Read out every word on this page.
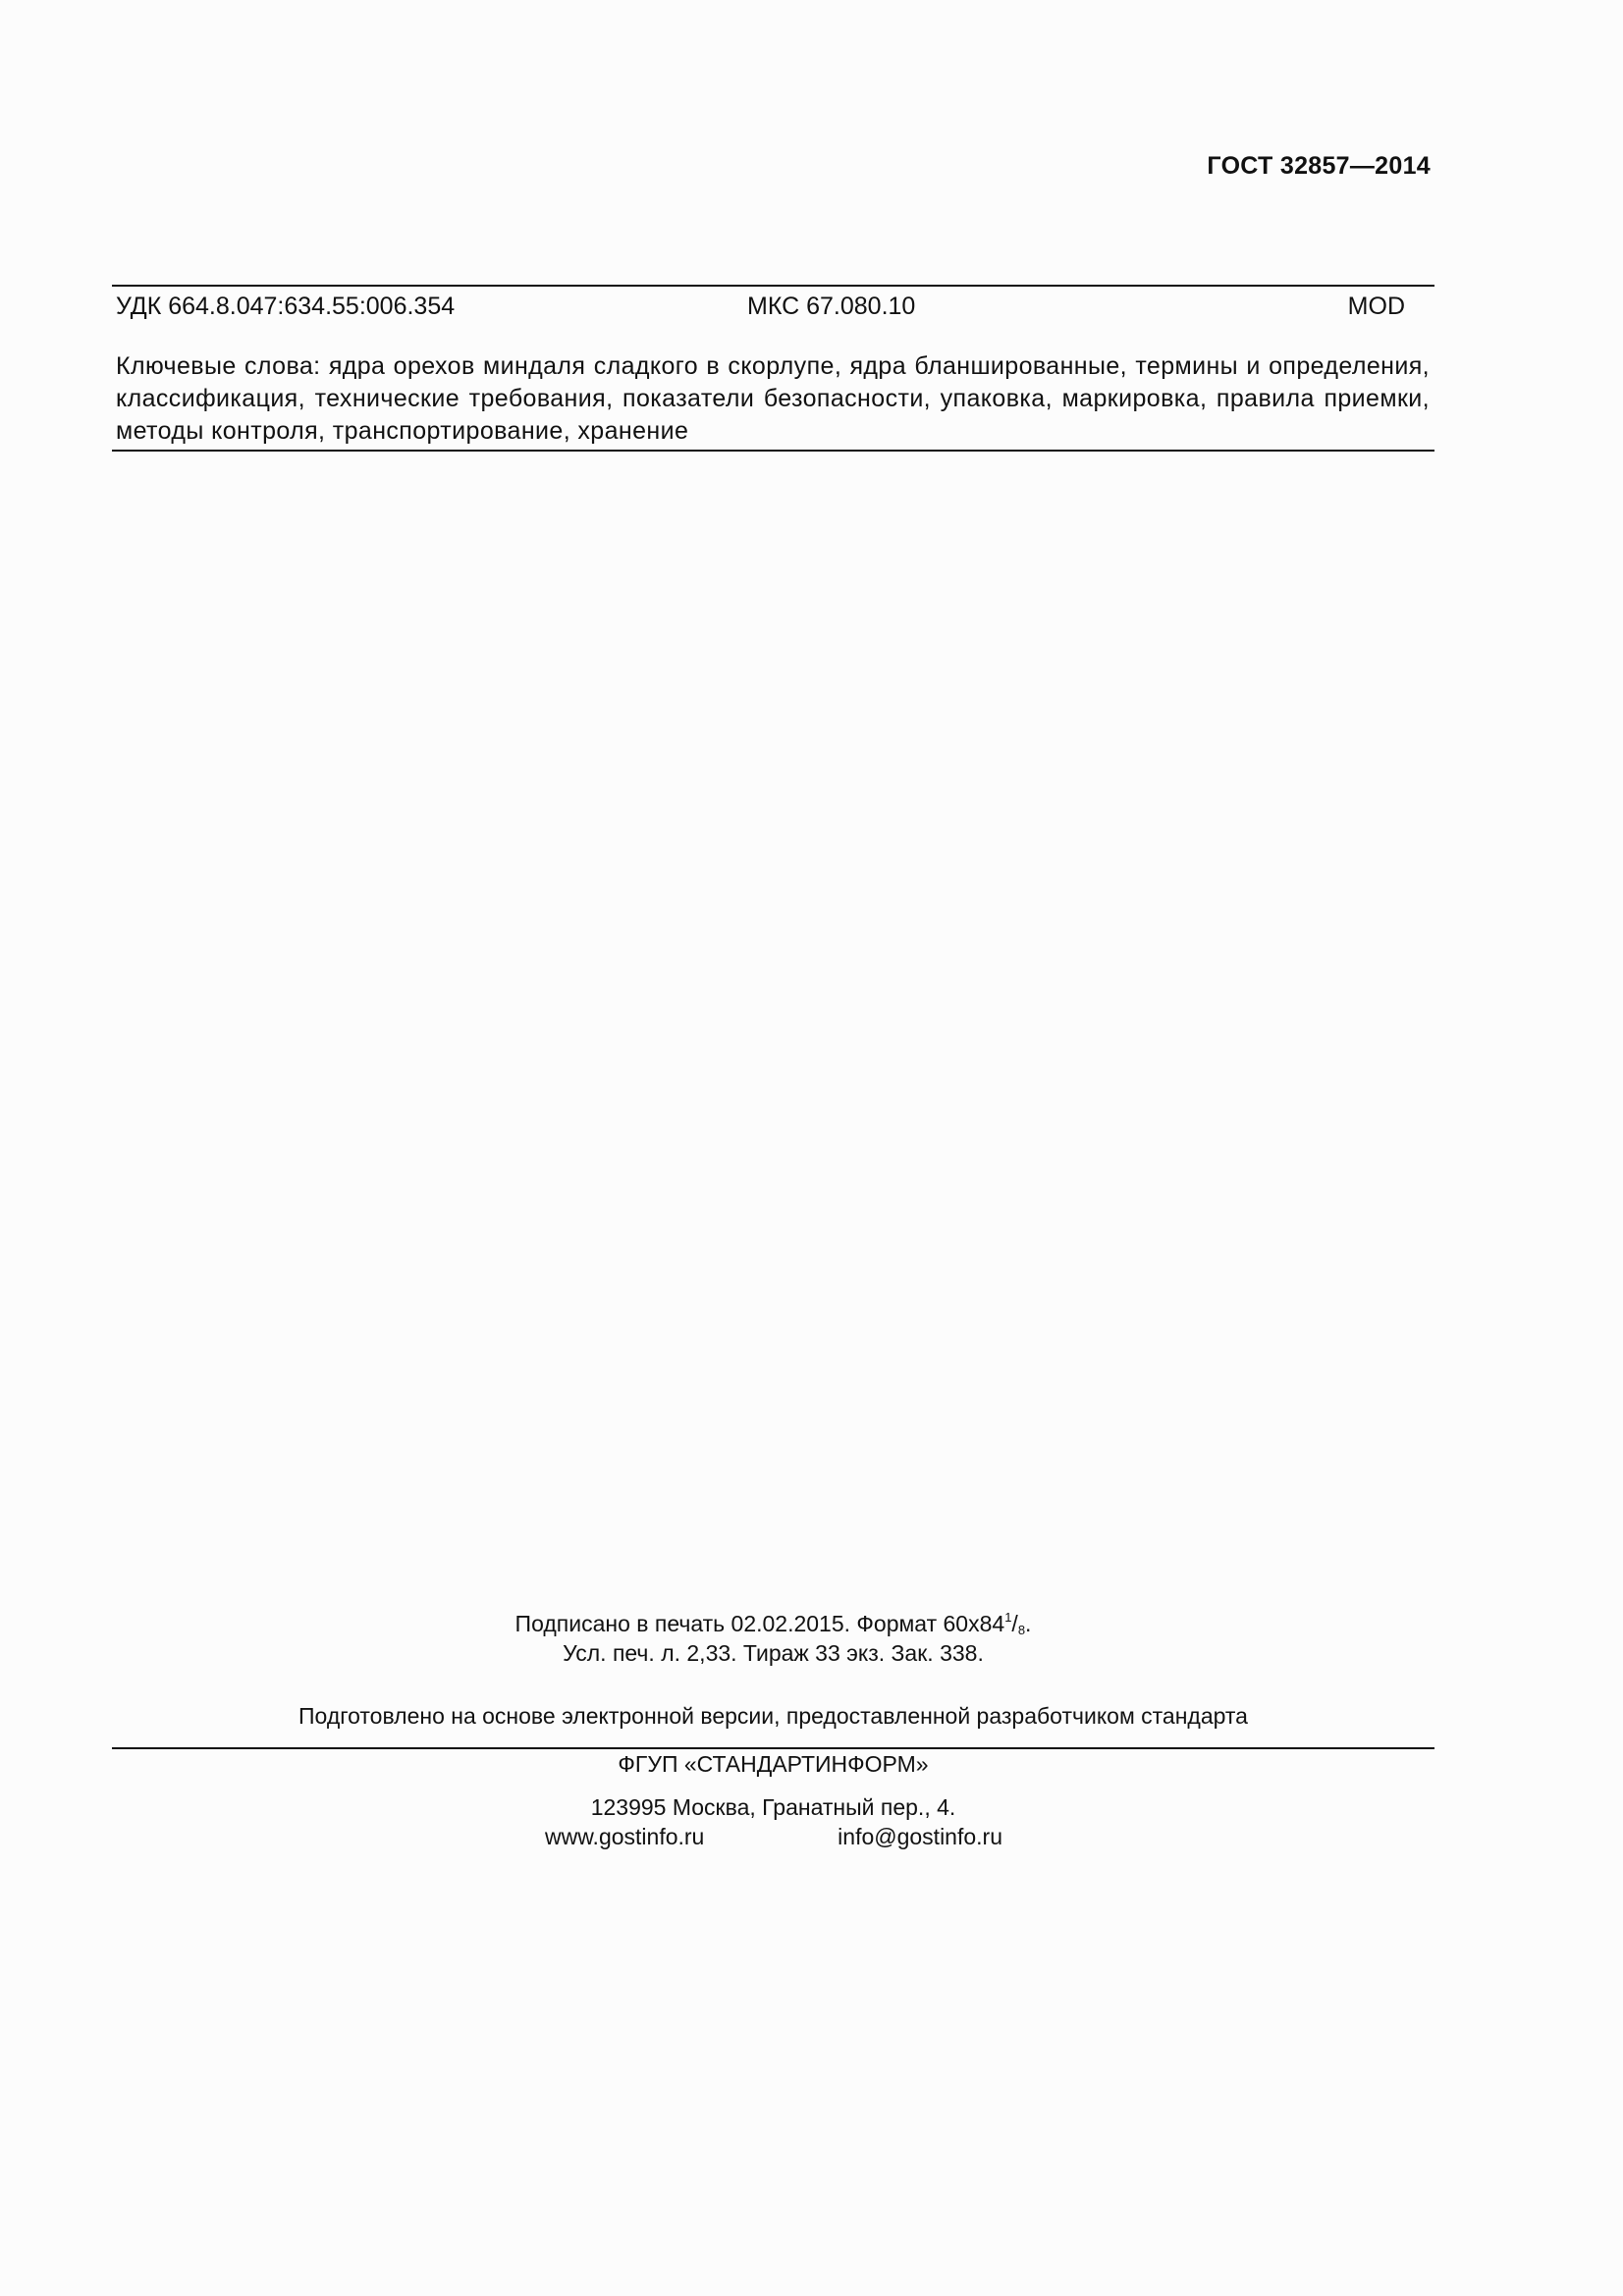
ГОСТ 32857—2014
УДК 664.8.047:634.55:006.354	МКС 67.080.10	MOD
Ключевые слова: ядра орехов миндаля сладкого в скорлупе, ядра бланшированные, термины и определения, классификация, технические требования, показатели безопасности, упаковка, маркировка, правила приемки, методы контроля, транспортирование, хранение
Подписано в печать 02.02.2015. Формат $60х84^1/_8$.
Усл. печ. л. 2,33. Тираж 33 экз. Зак. 338.
Подготовлено на основе электронной версии, предоставленной разработчиком стандарта
ФГУП «СТАНДАРТИНФОРМ»
123995 Москва, Гранатный пер., 4.
www.gostinfo.ru	info@gostinfo.ru
